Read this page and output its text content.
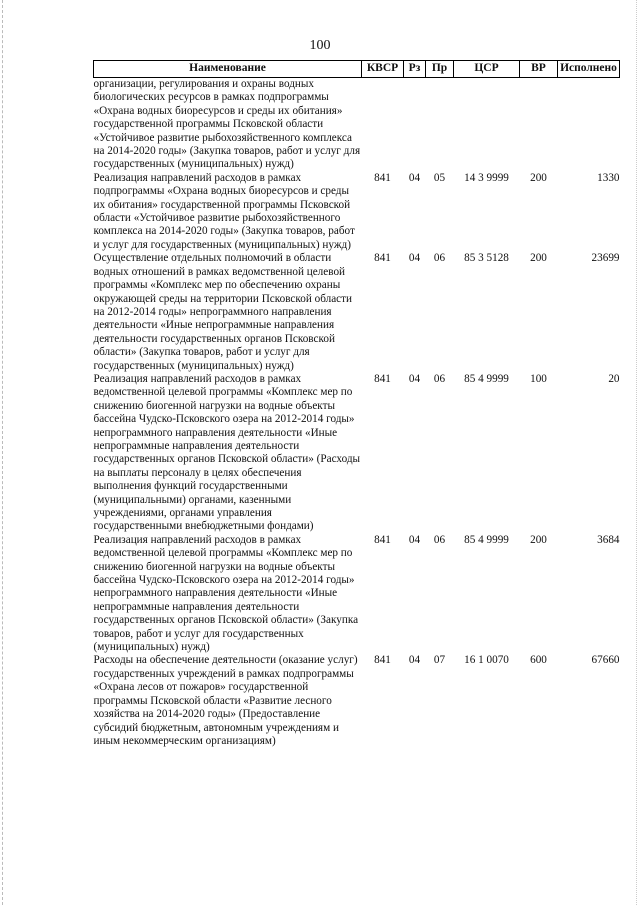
100
Наименование	КВСР	Рз	Пр	ЦСР	ВР	Исполнено
организации, регулирования и охраны водных биологических ресурсов в рамках подпрограммы «Охрана водных биоресурсов и среды их обитания» государственной программы Псковской области «Устойчивое развитие рыбохозяйственного комплекса на 2014-2020 годы» (Закупка товаров, работ и услуг для государственных (муниципальных) нужд)						
Реализация направлений расходов в рамках подпрограммы «Охрана водных биоресурсов и среды их обитания» государственной программы Псковской области «Устойчивое развитие рыбохозяйственного комплекса на 2014-2020 годы» (Закупка товаров, работ и услуг для государственных (муниципальных) нужд)	841	04	05	14 3 9999	200	1330
Осуществление отдельных полномочий в области водных отношений в рамках ведомственной целевой программы «Комплекс мер по обеспечению охраны окружающей среды на территории Псковской области на 2012-2014 годы» непрограммного направления деятельности «Иные непрограммные направления деятельности государственных органов Псковской области» (Закупка товаров, работ и услуг для государственных (муниципальных) нужд)	841	04	06	85 3 5128	200	23699
Реализация направлений расходов в рамках ведомственной целевой программы «Комплекс мер по снижению биогенной нагрузки на водные объекты бассейна Чудско-Псковского озера на 2012-2014 годы» непрограммного направления деятельности «Иные непрограммные направления деятельности государственных органов Псковской области» (Расходы на выплаты персоналу в целях обеспечения выполнения функций государственными (муниципальными) органами, казенными учреждениями, органами управления государственными внебюджетными фондами)	841	04	06	85 4 9999	100	20
Реализация направлений расходов в рамках ведомственной целевой программы «Комплекс мер по снижению биогенной нагрузки на водные объекты бассейна Чудско-Псковского озера на 2012-2014 годы» непрограммного направления деятельности «Иные непрограммные направления деятельности государственных органов Псковской области» (Закупка товаров, работ и услуг для государственных (муниципальных) нужд)	841	04	06	85 4 9999	200	3684
Расходы на обеспечение деятельности (оказание услуг) государственных учреждений в рамках подпрограммы «Охрана лесов от пожаров» государственной программы Псковской области «Развитие лесного хозяйства на 2014-2020 годы» (Предоставление субсидий бюджетным, автономным учреждениям и иным некоммерческим организациям)	841	04	07	16 1 0070	600	67660
